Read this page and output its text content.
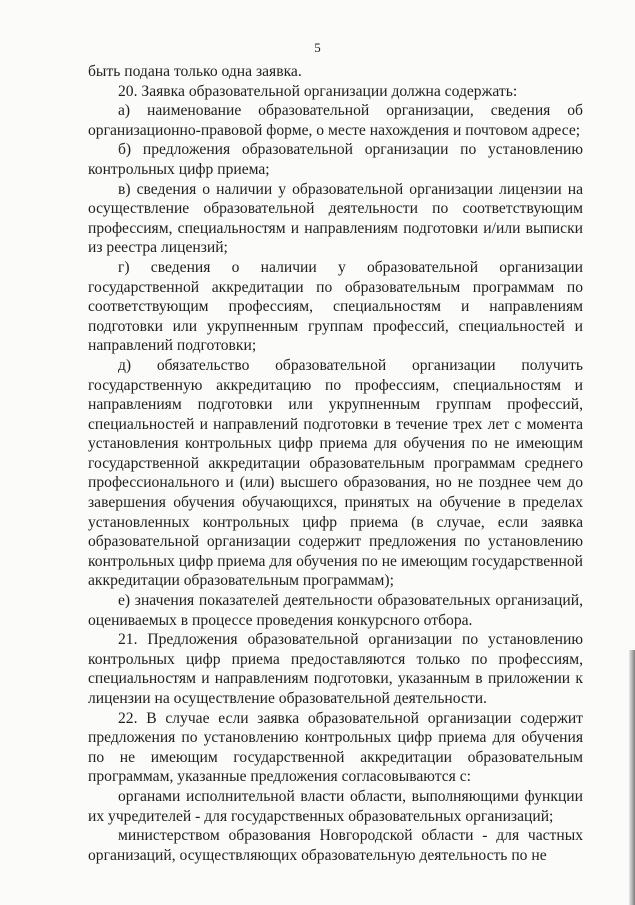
5

быть подана только одна заявка.

20. Заявка образовательной организации должна содержать:

а) наименование образовательной организации, сведения об организационно-правовой форме, о месте нахождения и почтовом адресе;

б) предложения образовательной организации по установлению контрольных цифр приема;

в) сведения о наличии у образовательной организации лицензии на осуществление образовательной деятельности по соответствующим профессиям, специальностям и направлениям подготовки и/или выписки из реестра лицензий;

г) сведения о наличии у образовательной организации государственной аккредитации по образовательным программам по соответствующим профессиям, специальностям и направлениям подготовки или укрупненным группам профессий, специальностей и направлений подготовки;

д) обязательство образовательной организации получить государственную аккредитацию по профессиям, специальностям и направлениям подготовки или укрупненным группам профессий, специальностей и направлений подготовки в течение трех лет с момента установления контрольных цифр приема для обучения по не имеющим государственной аккредитации образовательным программам среднего профессионального и (или) высшего образования, но не позднее чем до завершения обучения обучающихся, принятых на обучение в пределах установленных контрольных цифр приема (в случае, если заявка образовательной организации содержит предложения по установлению контрольных цифр приема для обучения по не имеющим государственной аккредитации образовательным программам);

е) значения показателей деятельности образовательных организаций, оцениваемых в процессе проведения конкурсного отбора.

21. Предложения образовательной организации по установлению контрольных цифр приема предоставляются только по профессиям, специальностям и направлениям подготовки, указанным в приложении к лицензии на осуществление образовательной деятельности.

22. В случае если заявка образовательной организации содержит предложения по установлению контрольных цифр приема для обучения по не имеющим государственной аккредитации образовательным программам, указанные предложения согласовываются с:

органами исполнительной власти области, выполняющими функции их учредителей - для государственных образовательных организаций;

министерством образования Новгородской области - для частных организаций, осуществляющих образовательную деятельность по не
